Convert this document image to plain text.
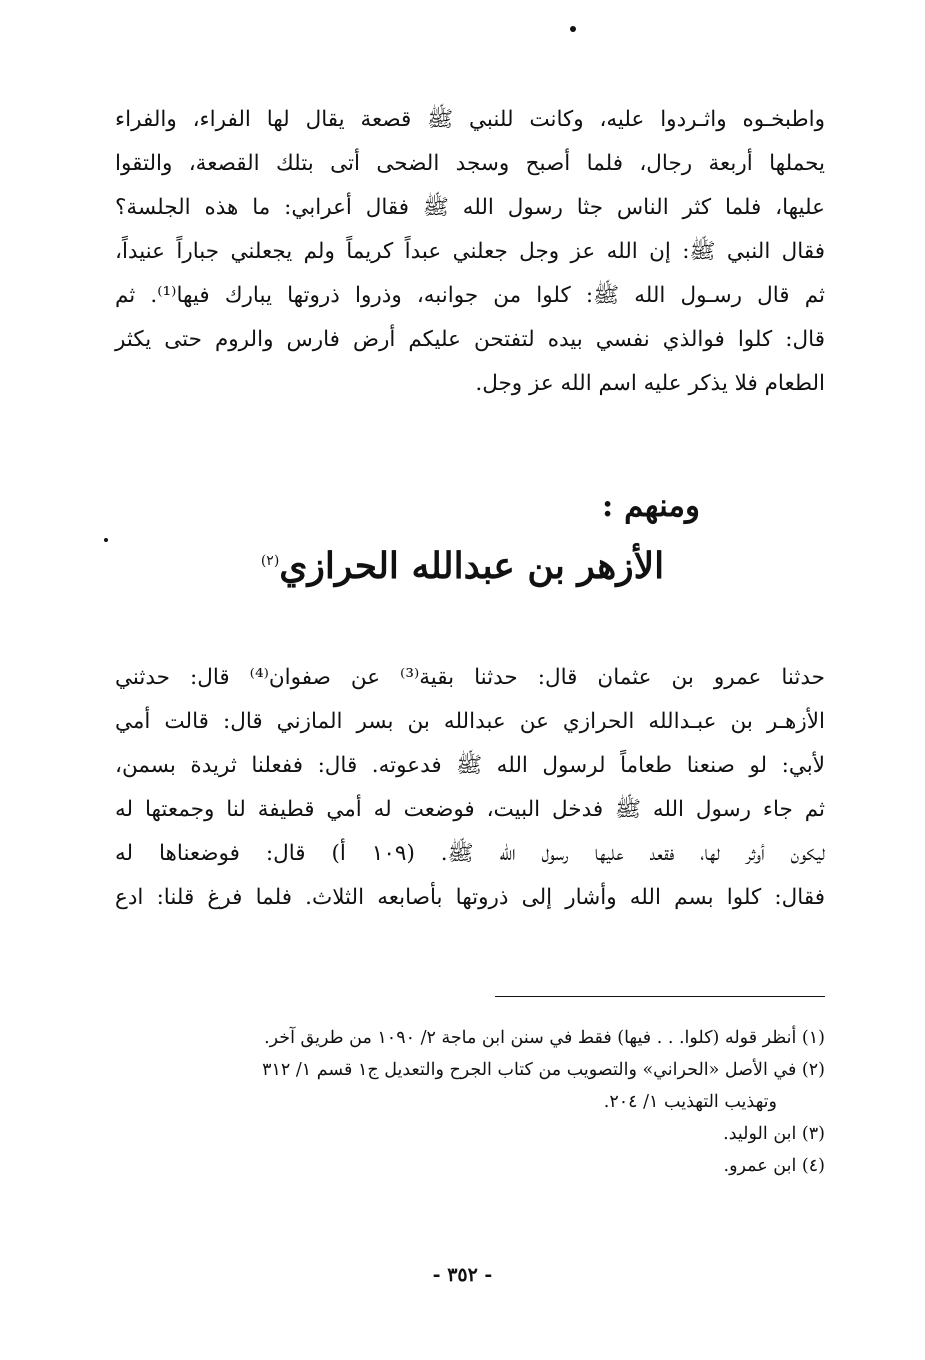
واطبخـوه واثـردوا عليه، وكانت للنبي ﷺ قصعة يقال لها الفراء، والفراء
يحملها أربعة رجال، فلما أصبح وسجد الضحى أتى بتلك القصعة، والتقوا
عليها، فلما كثر الناس جثا رسول الله ﷺ فقال أعرابي: ما هذه الجلسة؟
فقال النبي ﷺ: إن الله عز وجل جعلني عبداً كريماً ولم يجعلني جباراً عنيداً،
ثم قال رسـول الله ﷺ: كلوا من جوانبه، وذروا ذروتها يبارك فيها⁽¹⁾. ثم
قال: كلوا فوالذي نفسي بيده لتفتحن عليكم أرض فارس والروم حتى يكثر
الطعام فلا يذكر عليه اسم الله عز وجل.
ومنهم :
الأزهر بن عبدالله الحرازي$^{(٢)}$
حدثنا عمرو بن عثمان قال: حدثنا بقية⁽³⁾ عن صفوان⁽⁴⁾ قال: حدثني
الأزهـر بن عبـدالله الحرازي عن عبدالله بن بسر المازني قال: قالت أمي
لأبي: لو صنعنا طعاماً لرسول الله ﷺ فدعوته. قال: ففعلنا ثريدة بسمن،
ثم جاء رسول الله ﷺ فدخل البيت، فوضعت له أمي قطيفة لنا وجمعتها له
ليكون أوثر لها، فقعد عليها رسول الله ﷺ. (١٠٩ أ) قال: فوضعناها له
فقال: كلوا بسم الله وأشار إلى ذروتها بأصابعه الثلاث. فلما فرغ قلنا: ادع
(١) أنظر قوله (كلوا. . . فيها) فقط في سنن ابن ماجة ٢/ ١٠٩٠ من طريق آخر.
(٢) في الأصل «الحراني» والتصويب من كتاب الجرح والتعديل ج١ قسم ١/ ٣١٢
وتهذيب التهذيب ١/ ٢٠٤.
(٣) ابن الوليد.
(٤) ابن عمرو.
- ٣٥٢ -
